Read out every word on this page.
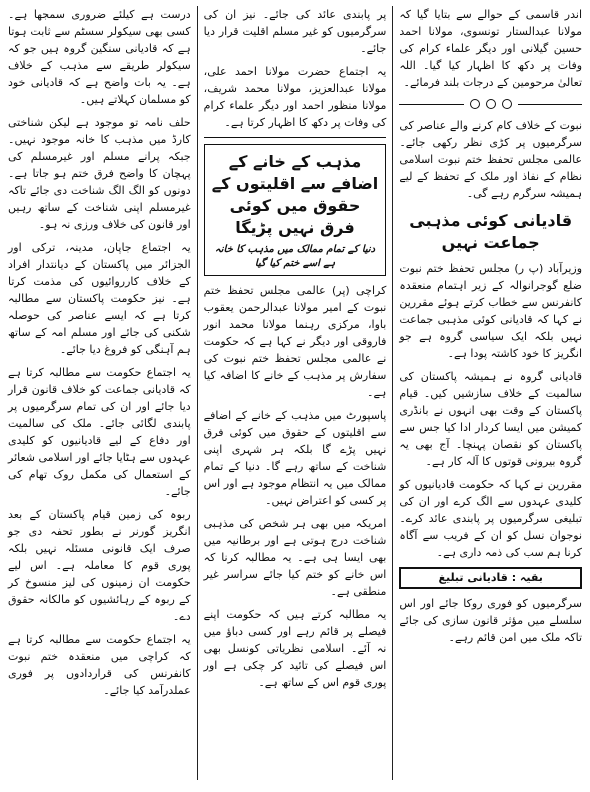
درست ہے کیلئے ضروری سمجھا ہے۔ کسی بھی سیکولر سسٹم سے ثابت ہوتا ہے کہ قادیانی سنگین گروہ ہیں جو کہ سیکولر طریقے سے مذہب کے خلاف ہے۔ یہ بات واضح ہے کہ قادیانی خود کو مسلمان کہلاتے ہیں۔

حلف نامہ تو موجود ہے لیکن شناختی کارڈ میں مذہب کا خانہ موجود نہیں۔ جبکہ پرانے مسلم اور غیرمسلم کی پہچان کا واضح فرق ختم ہو جاتا ہے۔ دونوں کو الگ الگ شناخت دی جائے تاکہ غیرمسلم اپنی شناخت کے ساتھ رہیں اور قانون کی خلاف ورزی نہ ہو۔

یہ اجتماع جاپان، مدینہ، ترکی اور الجزائر میں پاکستان کے دیانتدار افراد کے خلاف کارروائیوں کی مذمت کرتا ہے۔ نیز حکومت پاکستان سے مطالبہ کرتا ہے کہ ایسے عناصر کی حوصلہ شکنی کی جائے اور مسلم امہ کے ساتھ ہم آہنگی کو فروغ دیا جائے۔

یہ اجتماع حکومت سے مطالبہ کرتا ہے کہ قادیانی جماعت کو خلاف قانون قرار دیا جائے اور ان کی تمام سرگرمیوں پر پابندی لگائی جائے۔ ملک کی سالمیت اور دفاع کے لیے قادیانیوں کو کلیدی عہدوں سے ہٹایا جائے اور اسلامی شعائر کے استعمال کی مکمل روک تھام کی جائے۔

ربوہ کی زمین قیام پاکستان کے بعد انگریز گورنر نے بطور تحفہ دی جو صرف ایک قانونی مسئلہ نہیں بلکہ پوری قوم کا معاملہ ہے۔ اس لیے حکومت ان زمینوں کی لیز منسوخ کر کے ربوہ کے رہائشیوں کو مالکانہ حقوق دے۔

یہ اجتماع حکومت سے مطالبہ کرتا ہے کہ کراچی میں منعقدہ ختم نبوت کانفرنس کی قراردادوں پر فوری عملدرآمد کیا جائے۔

پر پابندی عائد کی جائے۔ نیز ان کی سرگرمیوں کو غیر مسلم اقلیت قرار دیا جائے۔

یہ اجتماع حضرت مولانا احمد علی، مولانا عبدالعزیز، مولانا محمد شریف، مولانا منظور احمد اور دیگر علماء کرام کی وفات پر دکھ کا اظہار کرتا ہے۔

مذہب کے خانے کے اضافے سے اقلیتوں کے حقوق میں کوئی فرق نہیں پڑیگا
دنیا کے تمام ممالک میں مذہب کا خانہ ہے اسے ختم کیا گیا

کراچی (پر) عالمی مجلس تحفظ ختم نبوت کے امیر مولانا عبدالرحمن یعقوب باوا، مرکزی رہنما مولانا محمد انور فاروقی اور دیگر نے کہا ہے کہ حکومت نے عالمی مجلس تحفظ ختم نبوت کی سفارش پر مذہب کے خانے کا اضافہ کیا ہے۔

پاسپورٹ میں مذہب کے خانے کے اضافے سے اقلیتوں کے حقوق میں کوئی فرق نہیں پڑے گا بلکہ ہر شہری اپنی شناخت کے ساتھ رہے گا۔ دنیا کے تمام ممالک میں یہ انتظام موجود ہے اور اس پر کسی کو اعتراض نہیں۔

امریکہ میں بھی ہر شخص کی مذہبی شناخت درج ہوتی ہے اور برطانیہ میں بھی ایسا ہی ہے۔ یہ مطالبہ کرنا کہ اس خانے کو ختم کیا جائے سراسر غیر منطقی ہے۔

یہ مطالبہ کرتے ہیں کہ حکومت اپنے فیصلے پر قائم رہے اور کسی دباؤ میں نہ آئے۔ اسلامی نظریاتی کونسل بھی اس فیصلے کی تائید کر چکی ہے اور پوری قوم اس کے ساتھ ہے۔

اندر قاسمی کے حوالے سے بتایا گیا کہ مولانا عبدالستار تونسوی، مولانا احمد حسین گیلانی اور دیگر علماء کرام کی وفات پر دکھ کا اظہار کیا گیا۔ اللہ تعالیٰ مرحومین کے درجات بلند فرمائے۔

نبوت کے خلاف کام کرنے والے عناصر کی سرگرمیوں پر کڑی نظر رکھی جائے۔ عالمی مجلس تحفظ ختم نبوت اسلامی نظام کے نفاذ اور ملک کے تحفظ کے لیے ہمیشہ سرگرم رہے گی۔

قادیانی کوئی مذہبی جماعت نہیں

وزیرآباد (پ ر) مجلس تحفظ ختم نبوت ضلع گوجرانوالہ کے زیر اہتمام منعقدہ کانفرنس سے خطاب کرتے ہوئے مقررین نے کہا کہ قادیانی کوئی مذہبی جماعت نہیں بلکہ ایک سیاسی گروہ ہے جو انگریز کا خود کاشتہ پودا ہے۔

قادیانی گروہ نے ہمیشہ پاکستان کی سالمیت کے خلاف سازشیں کیں۔ قیام پاکستان کے وقت بھی انہوں نے بانڈری کمیشن میں ایسا کردار ادا کیا جس سے پاکستان کو نقصان پہنچا۔ آج بھی یہ گروہ بیرونی قوتوں کا آلہ کار ہے۔

مقررین نے کہا کہ حکومت قادیانیوں کو کلیدی عہدوں سے الگ کرے اور ان کی تبلیغی سرگرمیوں پر پابندی عائد کرے۔ نوجوان نسل کو ان کے فریب سے آگاہ کرنا ہم سب کی ذمہ داری ہے۔

بقیہ : قادیانی تبلیغ

سرگرمیوں کو فوری روکا جائے اور اس سلسلے میں مؤثر قانون سازی کی جائے تاکہ ملک میں امن قائم رہے۔
